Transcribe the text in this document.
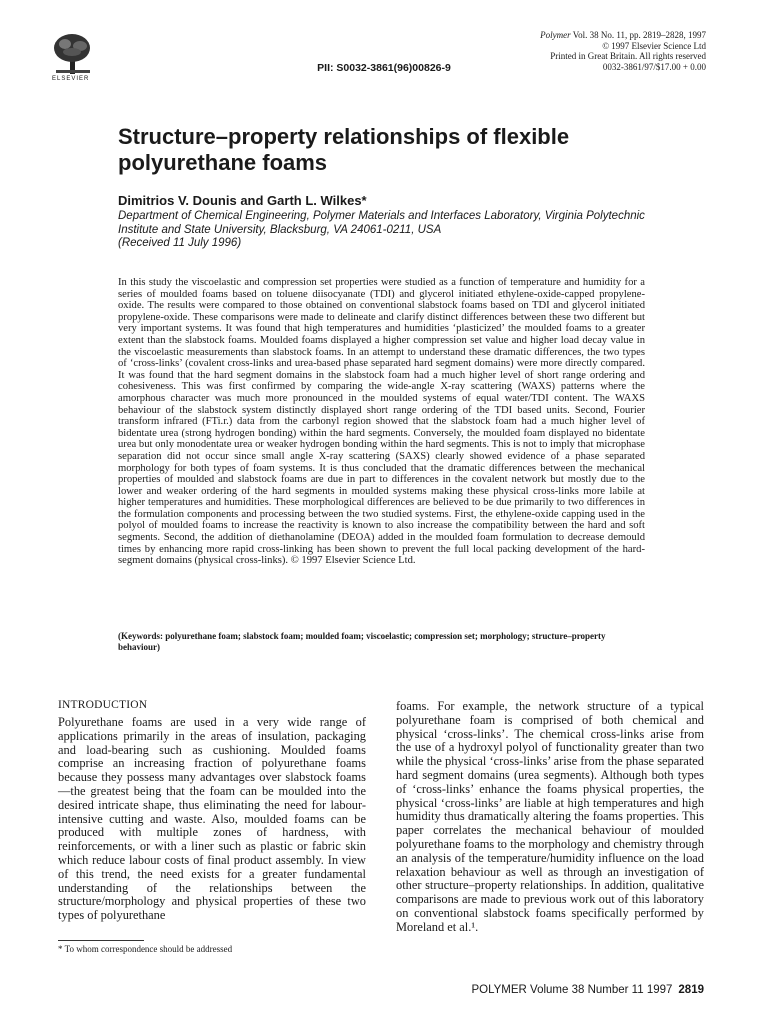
ELSEVIER
PII: S0032-3861(96)00826-9
Polymer Vol. 38 No. 11, pp. 2819–2828, 1997
© 1997 Elsevier Science Ltd
Printed in Great Britain. All rights reserved
0032-3861/97/$17.00 + 0.00
Structure–property relationships of flexible polyurethane foams
Dimitrios V. Dounis and Garth L. Wilkes*
Department of Chemical Engineering, Polymer Materials and Interfaces Laboratory, Virginia Polytechnic Institute and State University, Blacksburg, VA 24061-0211, USA
(Received 11 July 1996)
In this study the viscoelastic and compression set properties were studied as a function of temperature and humidity for a series of moulded foams based on toluene diisocyanate (TDI) and glycerol initiated ethylene-oxide-capped propylene-oxide. The results were compared to those obtained on conventional slabstock foams based on TDI and glycerol initiated propylene-oxide. These comparisons were made to delineate and clarify distinct differences between these two different but very important systems. It was found that high temperatures and humidities ‘plasticized’ the moulded foams to a greater extent than the slabstock foams. Moulded foams displayed a higher compression set value and higher load decay value in the viscoelastic measurements than slabstock foams. In an attempt to understand these dramatic differences, the two types of ‘cross-links’ (covalent cross-links and urea-based phase separated hard segment domains) were more directly compared. It was found that the hard segment domains in the slabstock foam had a much higher level of short range ordering and cohesiveness. This was first confirmed by comparing the wide-angle X-ray scattering (WAXS) patterns where the amorphous character was much more pronounced in the moulded systems of equal water/TDI content. The WAXS behaviour of the slabstock system distinctly displayed short range ordering of the TDI based units. Second, Fourier transform infrared (FTi.r.) data from the carbonyl region showed that the slabstock foam had a much higher level of bidentate urea (strong hydrogen bonding) within the hard segments. Conversely, the moulded foam displayed no bidentate urea but only monodentate urea or weaker hydrogen bonding within the hard segments. This is not to imply that microphase separation did not occur since small angle X-ray scattering (SAXS) clearly showed evidence of a phase separated morphology for both types of foam systems. It is thus concluded that the dramatic differences between the mechanical properties of moulded and slabstock foams are due in part to differences in the covalent network but mostly due to the lower and weaker ordering of the hard segments in moulded systems making these physical cross-links more labile at higher temperatures and humidities. These morphological differences are believed to be due primarily to two differences in the formulation components and processing between the two studied systems. First, the ethylene-oxide capping used in the polyol of moulded foams to increase the reactivity is known to also increase the compatibility between the hard and soft segments. Second, the addition of diethanolamine (DEOA) added in the moulded foam formulation to decrease demould times by enhancing more rapid cross-linking has been shown to prevent the full local packing development of the hard-segment domains (physical cross-links). © 1997 Elsevier Science Ltd.
(Keywords: polyurethane foam; slabstock foam; moulded foam; viscoelastic; compression set; morphology; structure–property behaviour)
INTRODUCTION
Polyurethane foams are used in a very wide range of applications primarily in the areas of insulation, packaging and load-bearing such as cushioning. Moulded foams comprise an increasing fraction of polyurethane foams because they possess many advantages over slabstock foams—the greatest being that the foam can be moulded into the desired intricate shape, thus eliminating the need for labour-intensive cutting and waste. Also, moulded foams can be produced with multiple zones of hardness, with reinforcements, or with a liner such as plastic or fabric skin which reduce labour costs of final product assembly. In view of this trend, the need exists for a greater fundamental understanding of the relationships between the structure/morphology and physical properties of these two types of polyurethane
foams. For example, the network structure of a typical polyurethane foam is comprised of both chemical and physical ‘cross-links’. The chemical cross-links arise from the use of a hydroxyl polyol of functionality greater than two while the physical ‘cross-links’ arise from the phase separated hard segment domains (urea segments). Although both types of ‘cross-links’ enhance the foams physical properties, the physical ‘cross-links’ are liable at high temperatures and high humidity thus dramatically altering the foams properties. This paper correlates the mechanical behaviour of moulded polyurethane foams to the morphology and chemistry through an analysis of the temperature/humidity influence on the load relaxation behaviour as well as through an investigation of other structure–property relationships. In addition, qualitative comparisons are made to previous work out of this laboratory on conventional slabstock foams specifically performed by Moreland et al.¹.
* To whom correspondence should be addressed
POLYMER Volume 38 Number 11 1997 2819
